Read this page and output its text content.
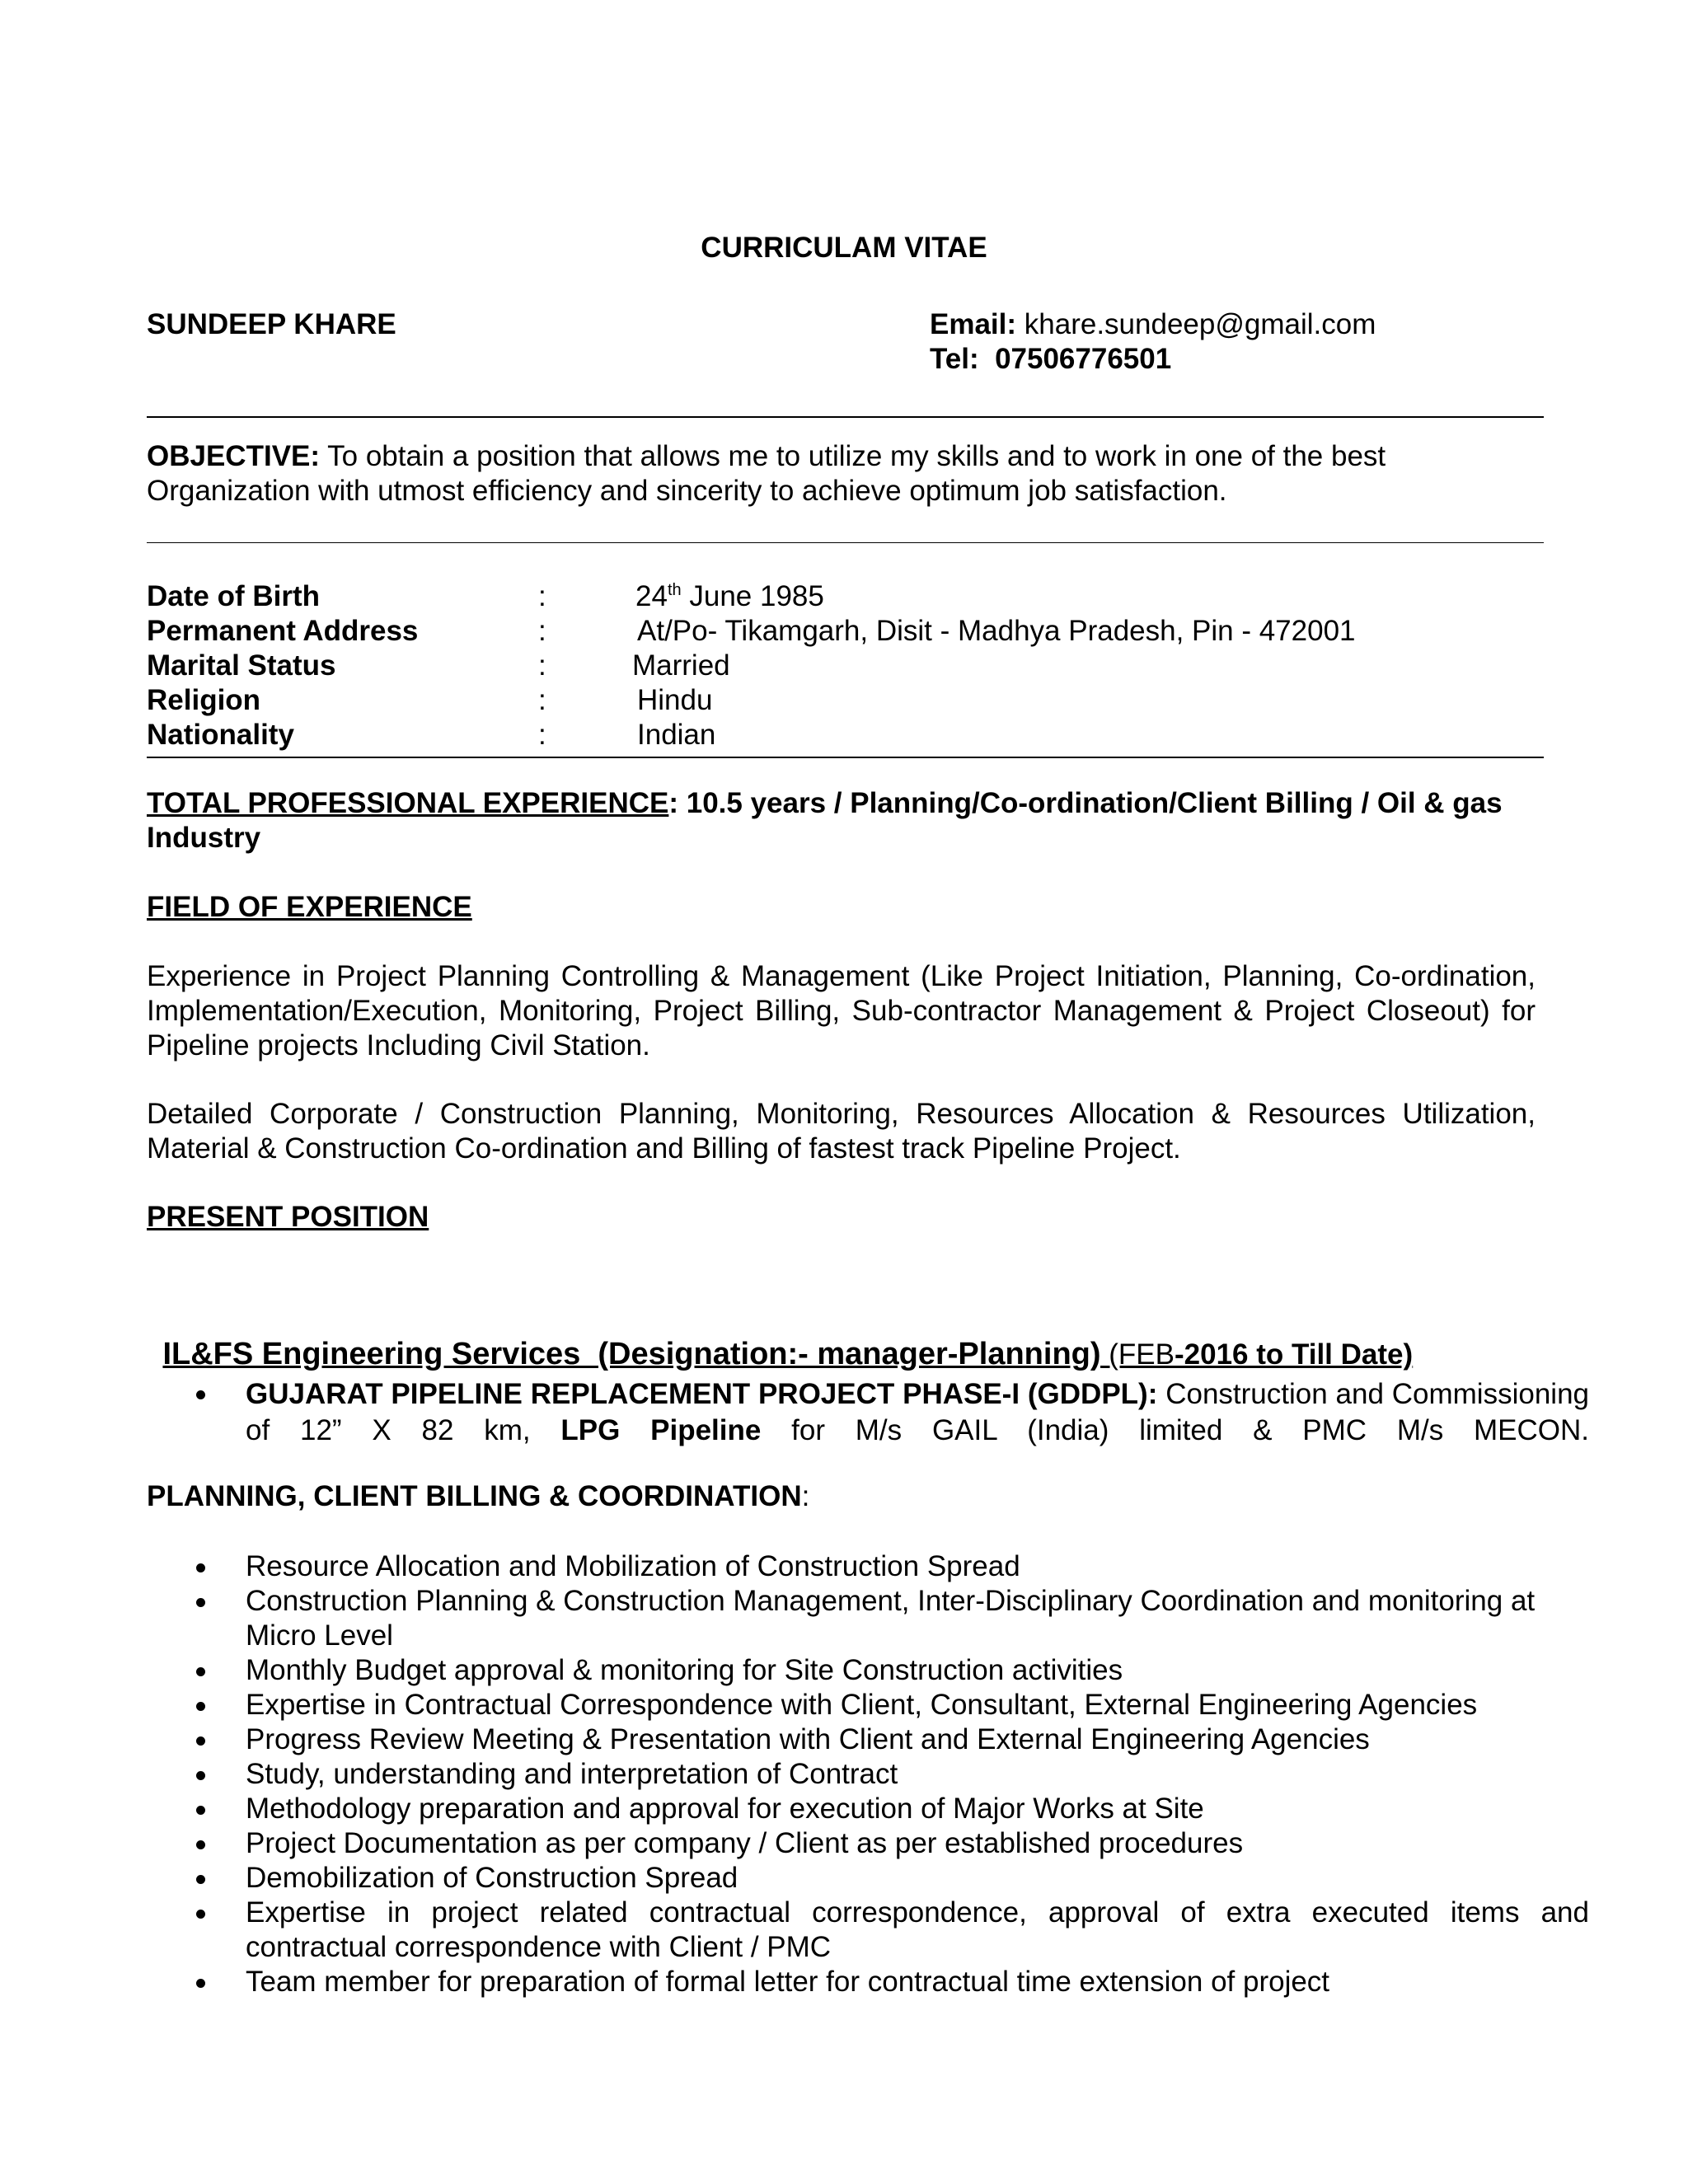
CURRICULAM VITAE
SUNDEEP KHARE	Email: khare.sundeep@gmail.com
Tel:  07506776501
OBJECTIVE: To obtain a position that allows me to utilize my skills and to work in one of the best Organization with utmost efficiency and sincerity to achieve optimum job satisfaction.
Date of Birth	:	24th June 1985
Permanent Address	:	At/Po- Tikamgarh, Disit - Madhya Pradesh, Pin - 472001
Marital Status	:	Married
Religion	:	Hindu
Nationality	:	Indian
TOTAL PROFESSIONAL EXPERIENCE: 10.5 years / Planning/Co-ordination/Client Billing / Oil & gas Industry
FIELD OF EXPERIENCE
Experience in Project Planning Controlling & Management (Like Project Initiation, Planning, Co-ordination, Implementation/Execution, Monitoring, Project Billing, Sub-contractor Management & Project Closeout) for Pipeline projects Including Civil Station.
Detailed Corporate / Construction Planning, Monitoring, Resources Allocation & Resources Utilization, Material & Construction Co-ordination and Billing of fastest track Pipeline Project.
PRESENT POSITION

IL&FS Engineering Services  (Designation:- manager-Planning) (FEB-2016 to Till Date)

GUJARAT PIPELINE REPLACEMENT PROJECT PHASE-I (GDDPL): Construction and Commissioning of 12” X 82 km, LPG Pipeline for M/s GAIL (India) limited & PMC M/s MECON.
PLANNING, CLIENT BILLING & COORDINATION:
Resource Allocation and Mobilization of Construction Spread
Construction Planning & Construction Management, Inter-Disciplinary Coordination and monitoring at Micro Level
Monthly Budget approval & monitoring for Site Construction activities
Expertise in Contractual Correspondence with Client, Consultant, External Engineering Agencies
Progress Review Meeting & Presentation with Client and External Engineering Agencies
Study, understanding and interpretation of Contract
Methodology preparation and approval for execution of Major Works at Site
Project Documentation as per company / Client as per established procedures
Demobilization of Construction Spread
Expertise in project related contractual correspondence, approval of extra executed items and contractual correspondence with Client / PMC
Team member for preparation of formal letter for contractual time extension of project
